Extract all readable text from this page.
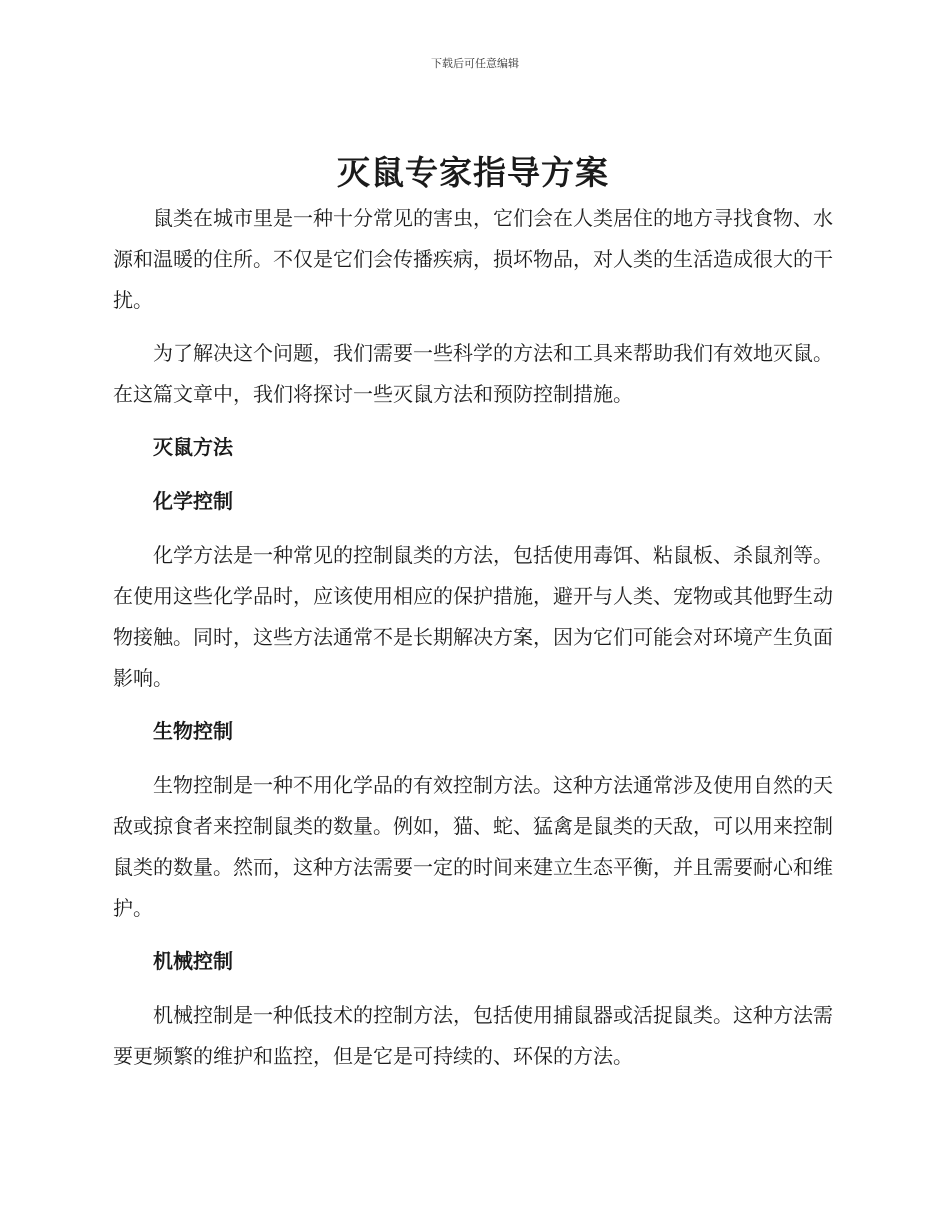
下载后可任意编辑
灭鼠专家指导方案

鼠类在城市里是一种十分常见的害虫，它们会在人类居住的地方寻找食物、水源和温暖的住所。不仅是它们会传播疾病，损坏物品，对人类的生活造成很大的干扰。

为了解决这个问题，我们需要一些科学的方法和工具来帮助我们有效地灭鼠。在这篇文章中，我们将探讨一些灭鼠方法和预防控制措施。

灭鼠方法
化学控制

化学方法是一种常见的控制鼠类的方法，包括使用毒饵、粘鼠板、杀鼠剂等。在使用这些化学品时，应该使用相应的保护措施，避开与人类、宠物或其他野生动物接触。同时，这些方法通常不是长期解决方案，因为它们可能会对环境产生负面影响。

生物控制

生物控制是一种不用化学品的有效控制方法。这种方法通常涉及使用自然的天敌或掠食者来控制鼠类的数量。例如，猫、蛇、猛禽是鼠类的天敌，可以用来控制鼠类的数量。然而，这种方法需要一定的时间来建立生态平衡，并且需要耐心和维护。

机械控制

机械控制是一种低技术的控制方法，包括使用捕鼠器或活捉鼠类。这种方法需要更频繁的维护和监控，但是它是可持续的、环保的方法。
